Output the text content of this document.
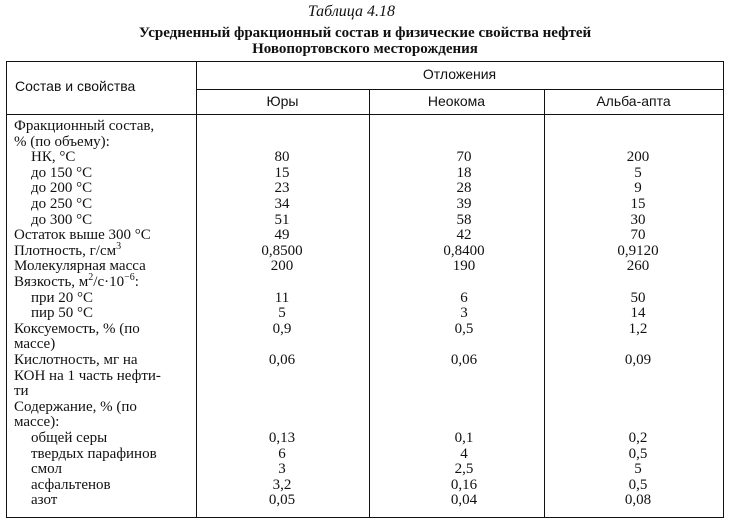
Таблица 4.18
Усредненный фракционный состав и физические свойства нефтей
Новопортовского месторождения
Состав и свойства
Отложения
Юры	Неокома	Альба-апта
Фракционный состав,
% (по объему):
НК, °С	80	70	200
до 150 °С	15	18	5
до 200 °С	23	28	9
до 250 °С	34	39	15
до 300 °С	51	58	30
Остаток выше 300 °С	49	42	70
Плотность, $г/см^3$	0,8500	0,8400	0,9120
Молекулярная масса	200	190	260
Вязкость, $м^2/с\cdot 10^{-6}$:
при 20 °С	11	6	50
пир 50 °С	5	3	14
Коксуемость, % (по	0,9	0,5	1,2
массе)
Кислотность, мг на	0,06	0,06	0,09
КОН на 1 часть нефти-
ти
Содержание, % (по
массе):
общей серы	0,13	0,1	0,2
твердых парафинов	6	4	0,5
смол	3	2,5	5
асфальтенов	3,2	0,16	0,5
азот	0,05	0,04	0,08
